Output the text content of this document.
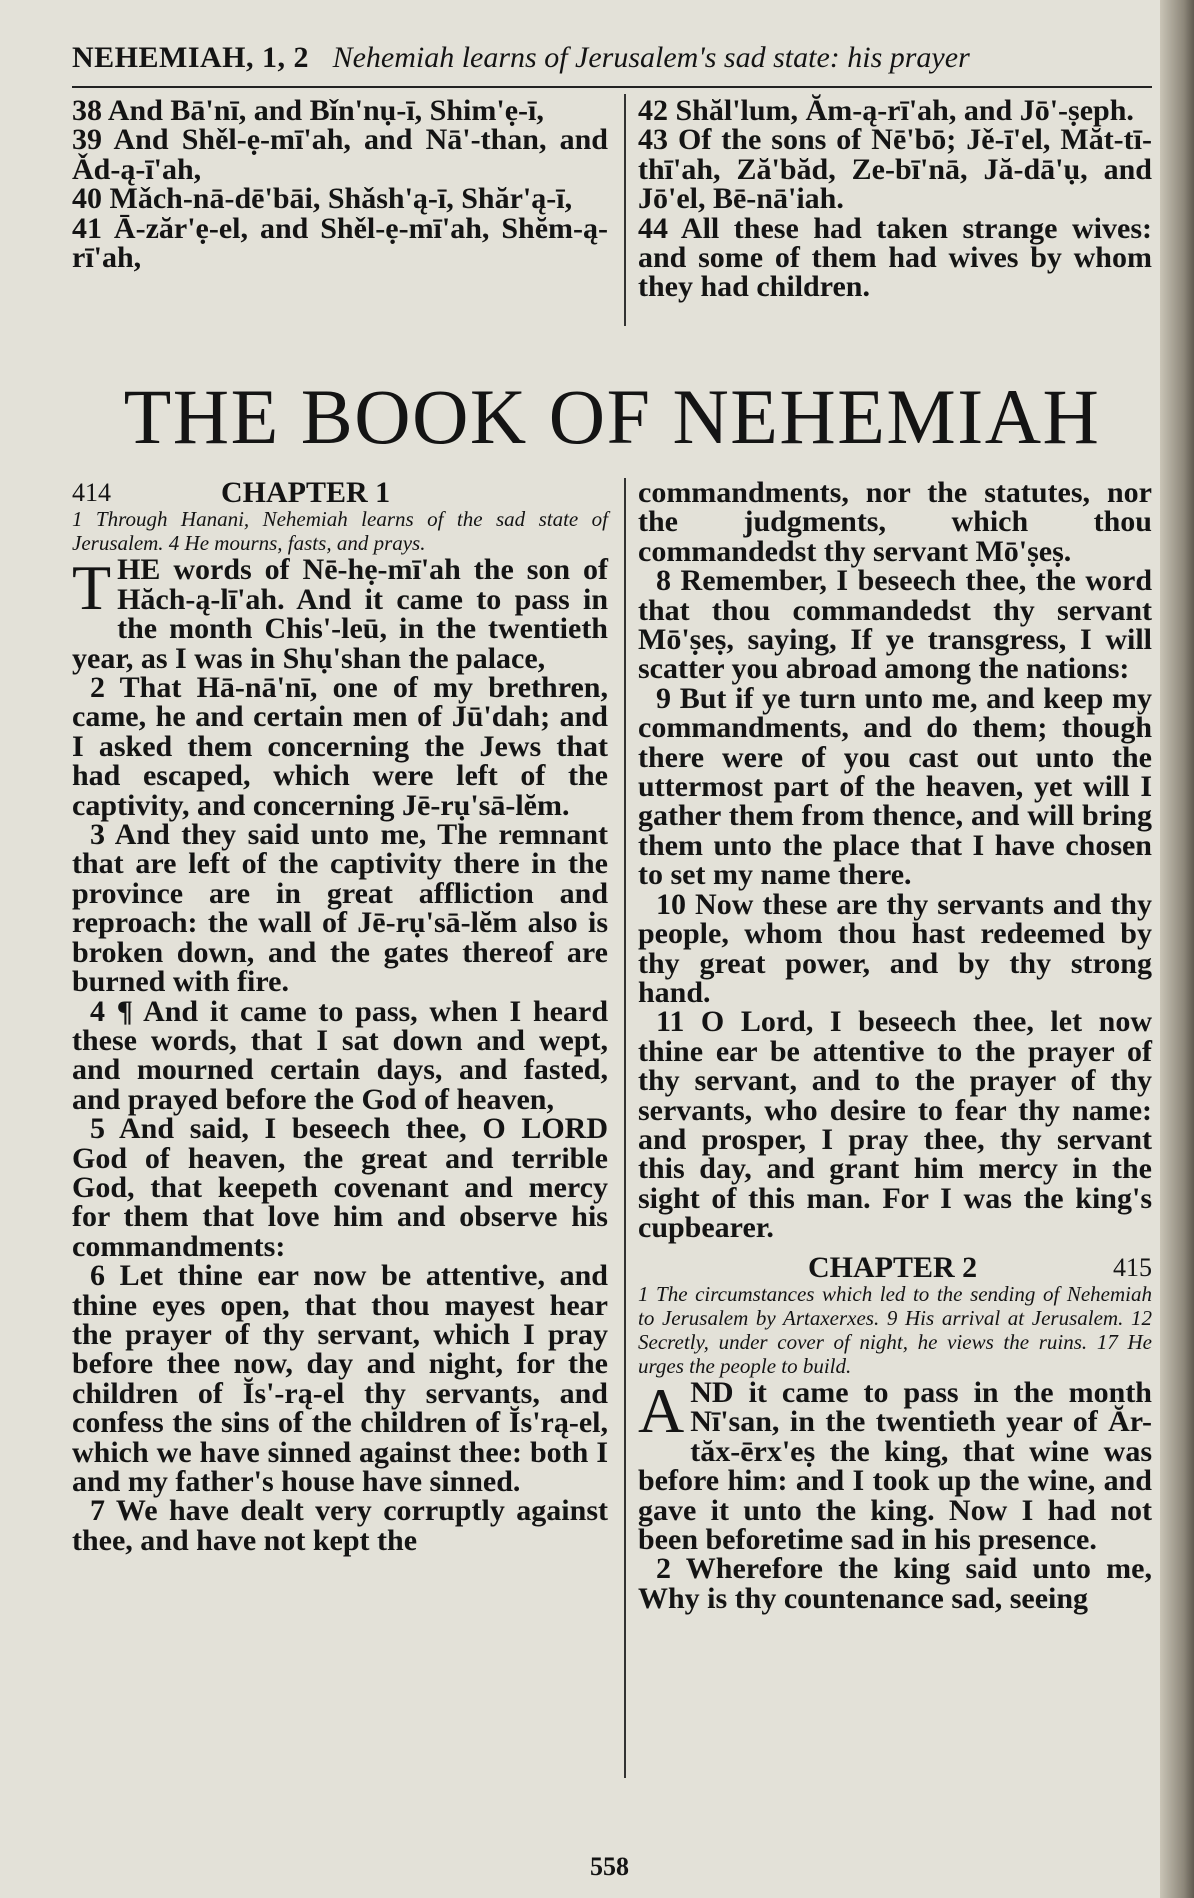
NEHEMIAH, 1, 2 Nehemiah learns of Jerusalem's sad state: his prayer

38 And Bā'nī, and Bǐn'nụ-ī, Shim'ẹ-ī,

39 And Shěl-ẹ-mī'ah, and Nā'-than, and Ǎd-ą-ī'ah,

40 Mǎch-nā-dē'bāi, Shǎsh'ą-ī, Shăr'ą-ī,

41 Ā-zăr'ẹ-el, and Shěl-ẹ-mī'ah, Shĕm-ą-rī'ah,

42 Shăl'lum, Ăm-ą-rī'ah, and Jō'-ṣeph.

43 Of the sons of Nē'bō; Jě-ī'el, Măt-tī-thī'ah, Ză'băd, Ze-bī'nā, Jă-dā'ụ, and Jō'el, Bē-nā'iah.

44 All these had taken strange wives: and some of them had wives by whom they had children.

THE BOOK OF NEHEMIAH
414	CHAPTER 1

1 Through Hanani, Nehemiah learns of the sad state of Jerusalem. 4 He mourns, fasts, and prays.

THE words of Nē-hẹ-mī'ah the son of Hăch-ą-lī'ah. And it came to pass in the month Chis'-leū, in the twentieth year, as I was in Shụ'shan the palace,

2 That Hā-nā'nī, one of my brethren, came, he and certain men of Jū'dah; and I asked them concerning the Jews that had escaped, which were left of the captivity, and concerning Jē-rụ'sā-lĕm.

3 And they said unto me, The remnant that are left of the captivity there in the province are in great affliction and reproach: the wall of Jē-rụ'sā-lĕm also is broken down, and the gates thereof are burned with fire.

4 ¶ And it came to pass, when I heard these words, that I sat down and wept, and mourned certain days, and fasted, and prayed before the God of heaven,

5 And said, I beseech thee, O LORD God of heaven, the great and terrible God, that keepeth covenant and mercy for them that love him and observe his commandments:

6 Let thine ear now be attentive, and thine eyes open, that thou mayest hear the prayer of thy servant, which I pray before thee now, day and night, for the children of Ĭs'-rą-el thy servants, and confess the sins of the children of Ĭs'rą-el, which we have sinned against thee: both I and my father's house have sinned.

7 We have dealt very corruptly against thee, and have not kept the

commandments, nor the statutes, nor the judgments, which thou commandedst thy servant Mō'ṣeṣ.

8 Remember, I beseech thee, the word that thou commandedst thy servant Mō'ṣeṣ, saying, If ye transgress, I will scatter you abroad among the nations:

9 But if ye turn unto me, and keep my commandments, and do them; though there were of you cast out unto the uttermost part of the heaven, yet will I gather them from thence, and will bring them unto the place that I have chosen to set my name there.

10 Now these are thy servants and thy people, whom thou hast redeemed by thy great power, and by thy strong hand.

11 O Lord, I beseech thee, let now thine ear be attentive to the prayer of thy servant, and to the prayer of thy servants, who desire to fear thy name: and prosper, I pray thee, thy servant this day, and grant him mercy in the sight of this man. For I was the king's cupbearer.

CHAPTER 2	415

1 The circumstances which led to the sending of Nehemiah to Jerusalem by Artaxerxes. 9 His arrival at Jerusalem. 12 Secretly, under cover of night, he views the ruins. 17 He urges the people to build.

AND it came to pass in the month Nī'san, in the twentieth year of Ăr-tăx-ērx'eṣ the king, that wine was before him: and I took up the wine, and gave it unto the king. Now I had not been beforetime sad in his presence.

2 Wherefore the king said unto me, Why is thy countenance sad, seeing

558
